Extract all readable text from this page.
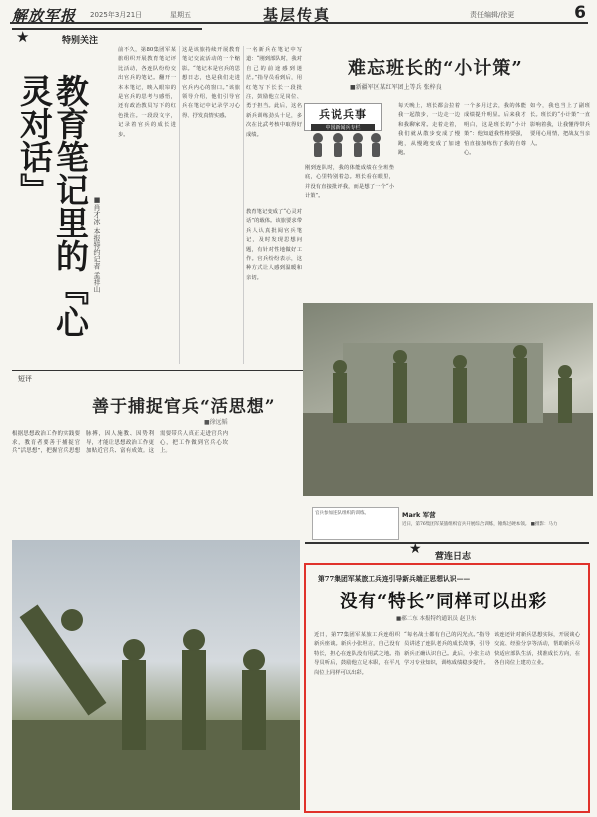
解放军报 2025年3月21日	星期五	基层传真	责任编辑/徐更	6
★	特别关注
教育笔记里的『心灵对话』
■肖才冰 本报特约记者 孟祥山
前不久，第80集团军某旅组织开展教育笔记评比活动，各连队纷纷交出官兵的笔记。翻开一本本笔记，映入眼帘的是官兵的思考与感悟，还有政治教员写下的红色批注。一段段文字，记录着官兵的成长进步。
这是该旅持续开展教育笔记交流活动的一个缩影。“笔记本是官兵的思想日志，也是我们走进官兵内心的窗口。”该旅领导介绍，他们引导官兵在笔记中记录学习心得、抒发真情实感。
一名新兵在笔记中写道：“刚到部队时，我对自己的前途感到迷茫。”指导员看到后，用红笔写下长长一段批注，鼓励他立足岗位、勇于担当。此后，这名新兵训练劲头十足，多次在比武考核中取得好成绩。
教育笔记变成了“心灵对话”的载体。该旅要求带兵人认真批阅官兵笔记，及时发现思想问题，有针对性地做好工作。官兵纷纷表示，这种方式让人感到温暖和亲切。
短评
善于捕捉官兵“活思想”
■徐远韬
根据思想政治工作的实践要求，教育者要善于捕捉官兵“活思想”，把握官兵思想脉搏，因人施教、因势利导，才能让思想政治工作更加贴近官兵、富有成效。这需要带兵人真正走进官兵内心，把工作做到官兵心坎上。
难忘班长的“小计策”
■新疆军区某红军团上等兵 张梓良
兵说兵事
中国新闻兵专栏
刚到连队时，我的体能成绩在全班垫底，心里特别着急。班长看在眼里，并没有直接批评我，而是想了一个“小计策”。
每天晚上，班长都会拉着我一起散步，一边走一边和我聊家常。走着走着，我们就从散步变成了慢跑，从慢跑变成了加速跑。
一个多月过去，我的体能成绩提升明显。后来我才明白，这是班长的“小计策”：他知道我性格要强，怕直接加练伤了我的自尊心。
如今，我也当上了副班长。班长的“小计策”一直影响着我，让我懂得带兵要用心用情，把战友当亲人。
官兵参加连队组织的训练。	Mark 军营
近日，第76集团军某旅组织官兵开展综合训练，锤炼过硬本领。 ■摄影：马力
★ 营连日志
第77集团军某旅工兵连引导新兵端正思想认识——
没有“特长”同样可以出彩
■郝二东 本报特约通讯员 赵卫东
近日，第77集团军某旅工兵连组织新兵座谈。新兵小张坦言，自己没有特长，担心在连队没有用武之地。指导员听后，鼓励他立足本职，在平凡岗位上同样可以出彩。
“每名战士都有自己的闪光点。”指导员讲述了连队老兵的成长故事，引导新兵正确认识自己。此后，小张主动学习专业知识，训练成绩稳步提升。
该连还针对新兵思想实际，开展谈心交流、经验分享等活动，帮助新兵尽快适应部队生活，找准成长方向，在各自岗位上建功立业。
